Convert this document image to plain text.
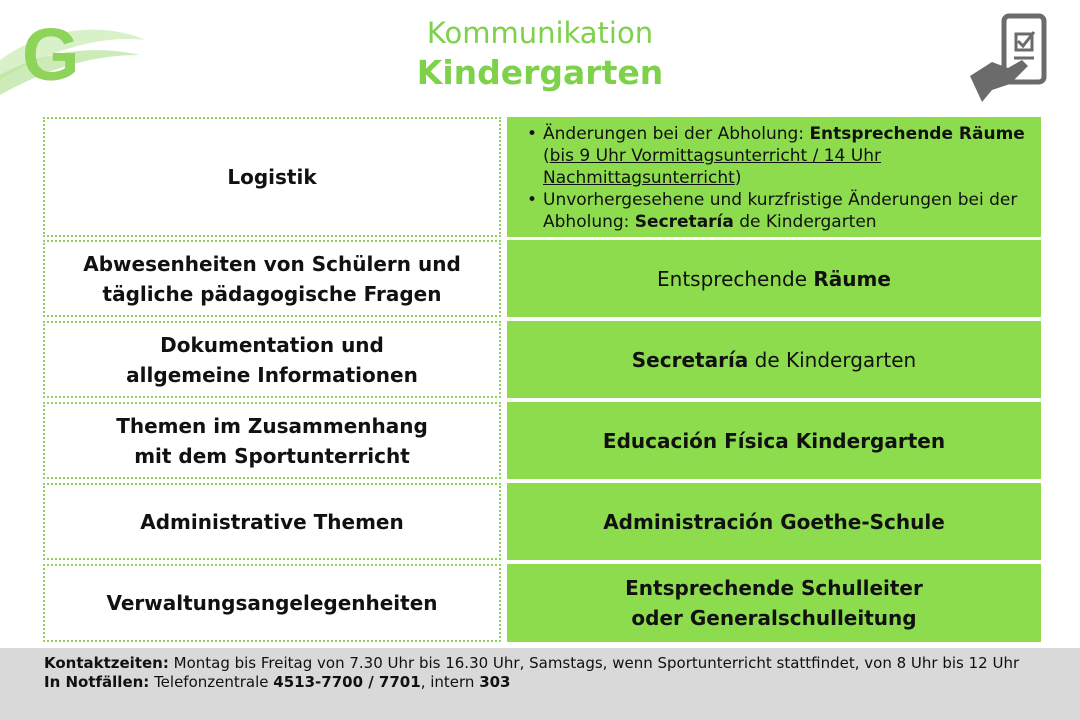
G	Kommunikation
Kindergarten
Logistik
• Änderungen bei der Abholung: Entsprechende Räume (bis 9 Uhr Vormittagsunterricht / 14 Uhr Nachmittagsunterricht)
• Unvorhergesehene und kurzfristige Änderungen bei der Abholung: Secretaría de Kindergarten
Abwesenheiten von Schülern und
tägliche pädagogische Fragen
Entsprechende Räume
Dokumentation und
allgemeine Informationen
Secretaría de Kindergarten
Themen im Zusammenhang
mit dem Sportunterricht
Educación Física Kindergarten
Administrative Themen	Administración Goethe-Schule
Verwaltungsangelegenheiten
Entsprechende Schulleiter
oder Generalschulleitung
Kontaktzeiten: Montag bis Freitag von 7.30 Uhr bis 16.30 Uhr, Samstags, wenn Sportunterricht stattfindet, von 8 Uhr bis 12 Uhr
In Notfällen: Telefonzentrale 4513-7700 / 7701, intern 303
